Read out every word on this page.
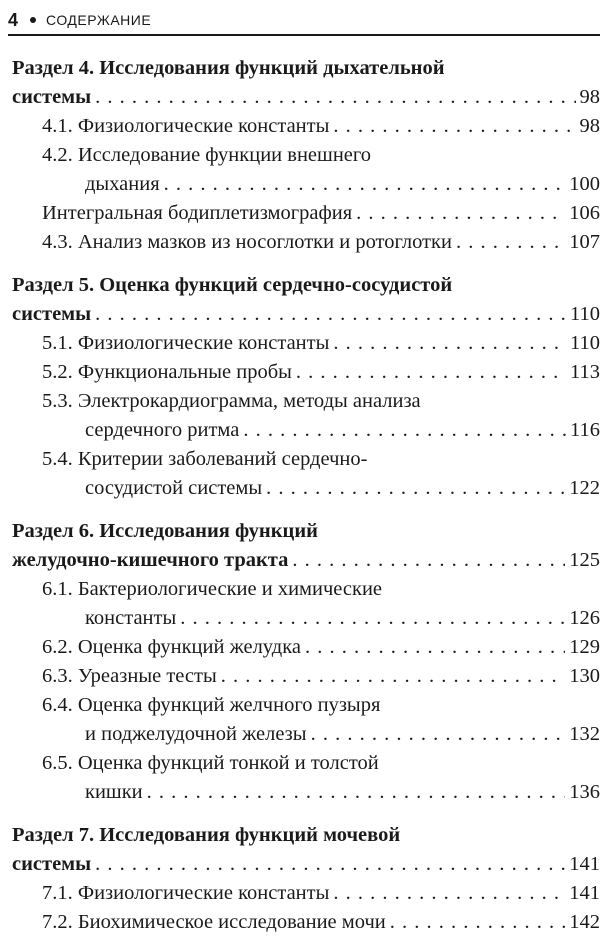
4 СОДЕРЖАНИЕ
Раздел 4. Исследования функций дыхательной
системы . . .	98
4.1. Физиологические константы . . .	98
4.2. Исследование функции внешнего
дыхания . . .	100
Интегральная бодиплетизмография . . .	106
4.3. Анализ мазков из носоглотки и ротоглотки . . .	107
Раздел 5. Оценка функций сердечно-сосудистой
системы . . .	110
5.1. Физиологические константы . . .	110
5.2. Функциональные пробы . . .	113
5.3. Электрокардиограмма, методы анализа
сердечного ритма . . .	116
5.4. Критерии заболеваний сердечно-
сосудистой системы . . .	122
Раздел 6. Исследования функций
желудочно-кишечного тракта . . .	125
6.1. Бактериологические и химические
константы . . .	126
6.2. Оценка функций желудка . . .	129
6.3. Уреазные тесты . . .	130
6.4. Оценка функций желчного пузыря
и поджелудочной железы . . .	132
6.5. Оценка функций тонкой и толстой
кишки . . .	136
Раздел 7. Исследования функций мочевой
системы . . .	141
7.1. Физиологические константы . . .	141
7.2. Биохимическое исследование мочи . . .	142
